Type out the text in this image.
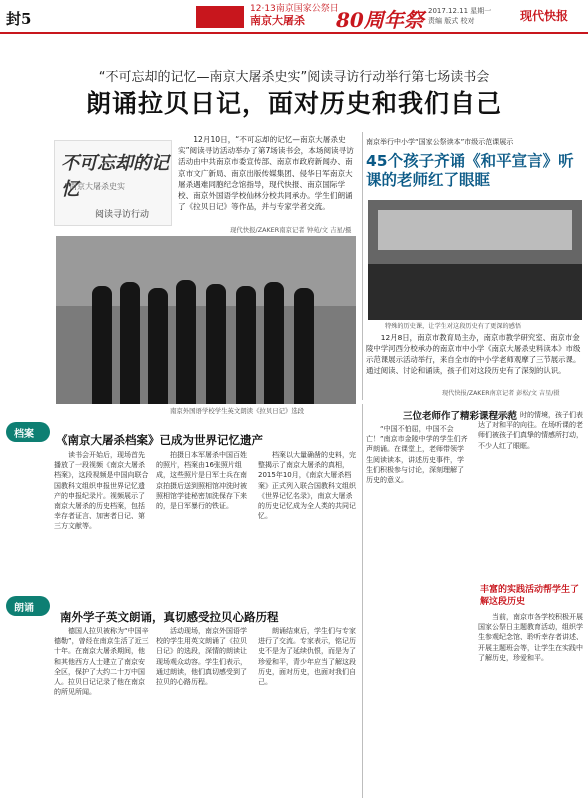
封5
12·13南京国家公祭日
南京大屠杀	80周年祭 2017.12.11 星期一
责编 版式 校对	现代快报
“不可忘却的记忆—南京大屠杀史实”阅读寻访行动举行第七场读书会
朗诵拉贝日记，面对历史和我们自己
不可忘却的记忆
南京大屠杀史实
阅读寻访行动
12月10日，“不可忘却的记忆—南京大屠杀史实”阅读寻访活动举办了第7场读书会，本场阅读寻访活动由中共南京市委宣传部、南京市政府新闻办、南京市文广新局、南京出版传媒集团、侵华日军南京大屠杀遇难同胞纪念馆指导，现代快报、南京国际学校、南京外国语学校仙林分校共同承办。学生们朗诵了《拉贝日记》等作品，并与专家学者交流。
现代快报/ZAKER南京记者 钟苑/文 吉星/摄
南京外国语学校学生英文朗读《拉贝日记》选段
南京举行中小学“国家公祭读本”市级示范课展示
45个孩子齐诵《和平宣言》听课的老师红了眼眶
特殊的历史课，让学生对这段历史有了更深的感悟
12月8日，南京市教育局主办，南京市教学研究室、南京市金陵中学河西分校承办的南京市中小学《南京大屠杀史料读本》市级示范课展示活动举行，来自全市的中小学老师观摩了三节展示课。通过阅读、讨论和诵读，孩子们对这段历史有了深刻的认识。
现代快报/ZAKER南京记者 彭松/文 吉星/摄
档案 《南京大屠杀档案》已成为世界记忆遗产
读书会开始后，现场首先播放了一段视频《南京大屠杀档案》，这段视频是中国向联合国教科文组织申报世界记忆遗产的申报纪录片。视频展示了南京大屠杀的历史档案，包括幸存者证言、加害者日记、第三方文献等。
拍摄日本军屠杀中国百姓的照片，档案由16张照片组成，这些照片是日军士兵在南京拍摄后送到照相馆冲洗时被照相馆学徒秘密加洗保存下来的，是日军暴行的铁证。
档案以大量确凿的史料，完整揭示了南京大屠杀的真相，2015年10月，《南京大屠杀档案》正式列入联合国教科文组织《世界记忆名录》，南京大屠杀的历史记忆成为全人类的共同记忆。
朗诵
南外学子英文朗诵，真切感受拉贝心路历程
德国人拉贝被称为“中国辛德勒”，曾经在南京生活了近三十年。在南京大屠杀期间，他和其他西方人士建立了南京安全区，保护了大约二十万中国人。拉贝日记记录了他在南京的所见所闻。
活动现场，南京外国语学校的学生用英文朗诵了《拉贝日记》的选段，深情的朗读让现场观众动容。学生们表示，通过朗读，他们真切感受到了拉贝的心路历程。
朗诵结束后，学生们与专家进行了交流。专家表示，铭记历史不是为了延续仇恨，而是为了珍爱和平，青少年应当了解这段历史，面对历史，也面对我们自己。
三位老师作了精彩课程示范
“中国不怕屈，中国不会亡！”南京市金陵中学的学生们齐声朗诵。在课堂上，老师带领学生阅读读本，讲述历史事件，学生们积极参与讨论，深刻理解了历史的意义。
平宣言》时的情境，孩子们表达了对和平的向往。在场听课的老师们被孩子们真挚的情感所打动，不少人红了眼眶。
丰富的实践活动帮学生了解这段历史
当前，南京市各学校积极开展国家公祭日主题教育活动，组织学生参观纪念馆、聆听幸存者讲述、开展主题班会等，让学生在实践中了解历史，珍爱和平。
